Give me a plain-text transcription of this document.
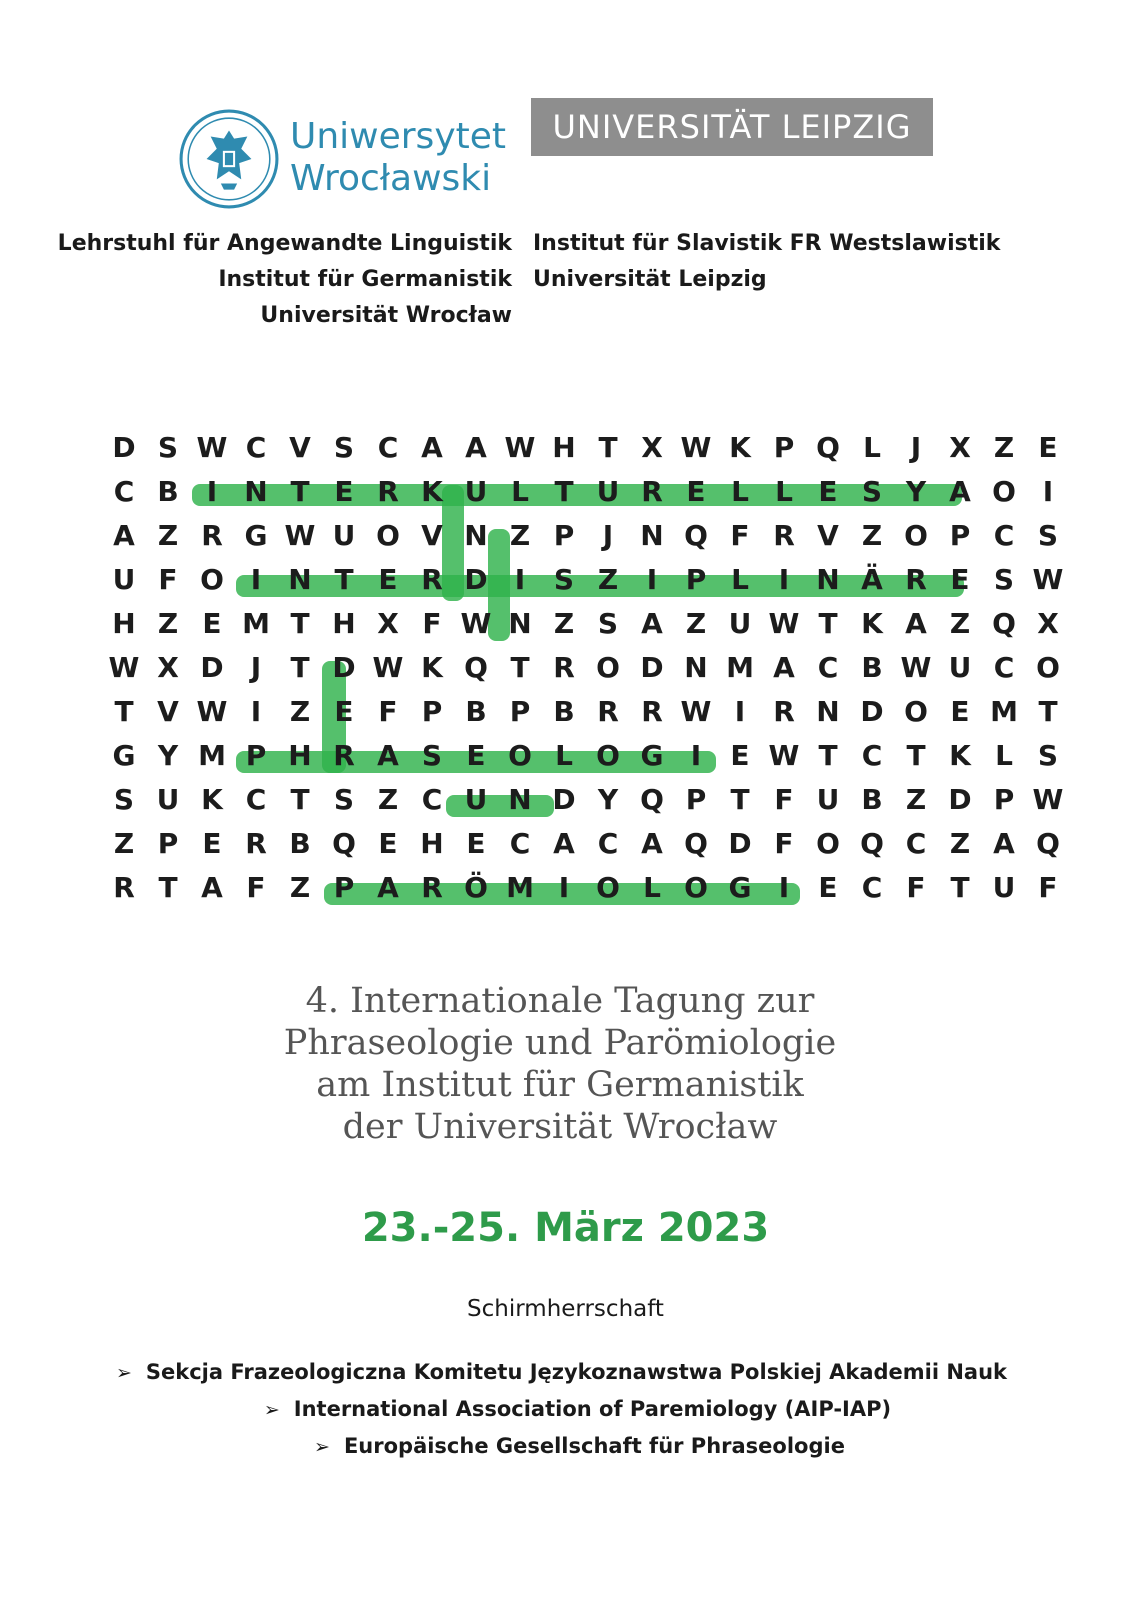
Uniwersytet
Wrocławski
UNIVERSITÄT LEIPZIG
Lehrstuhl für Angewandte Linguistik
Institut für Germanistik
Universität Wrocław
Institut für Slavistik FR Westslawistik
Universität Leipzig
D S W C V S C A A W H T X W K P Q L	J	X Z E
C B	I N T E R K U L T U R E L L E S Y A O I
A Z R G W U O V N Z P	J N Q F R V Z O P C S
U F O I N T E R D I	S Z	I	P L	I N Ä R E S W
H Z E M T H X F W N Z S A Z U W T K A Z Q X
W X D J	T D W K Q T R O D N M A C B W U C O
T V W I	Z E F P B P B R R W I	R N D O E M T
G Y M P H R A S E O L O G I	E W T C T K L S
S U K C T S Z C U N D Y Q P T F U B Z D P W
Z P E R B Q E H E C A C A Q D F O Q C Z A Q
R T A F Z P A R Ö M I O L O G I	E C F T U F
4. Internationale Tagung zur
Phraseologie und Parömiologie
am Institut für Germanistik
der Universität Wrocław
23.-25. März 2023
Schirmherrschaft
➢ Sekcja Frazeologiczna Komitetu Językoznawstwa Polskiej Akademii Nauk
➢ International Association of Paremiology (AIP-IAP)
➢ Europäische Gesellschaft für Phraseologie
